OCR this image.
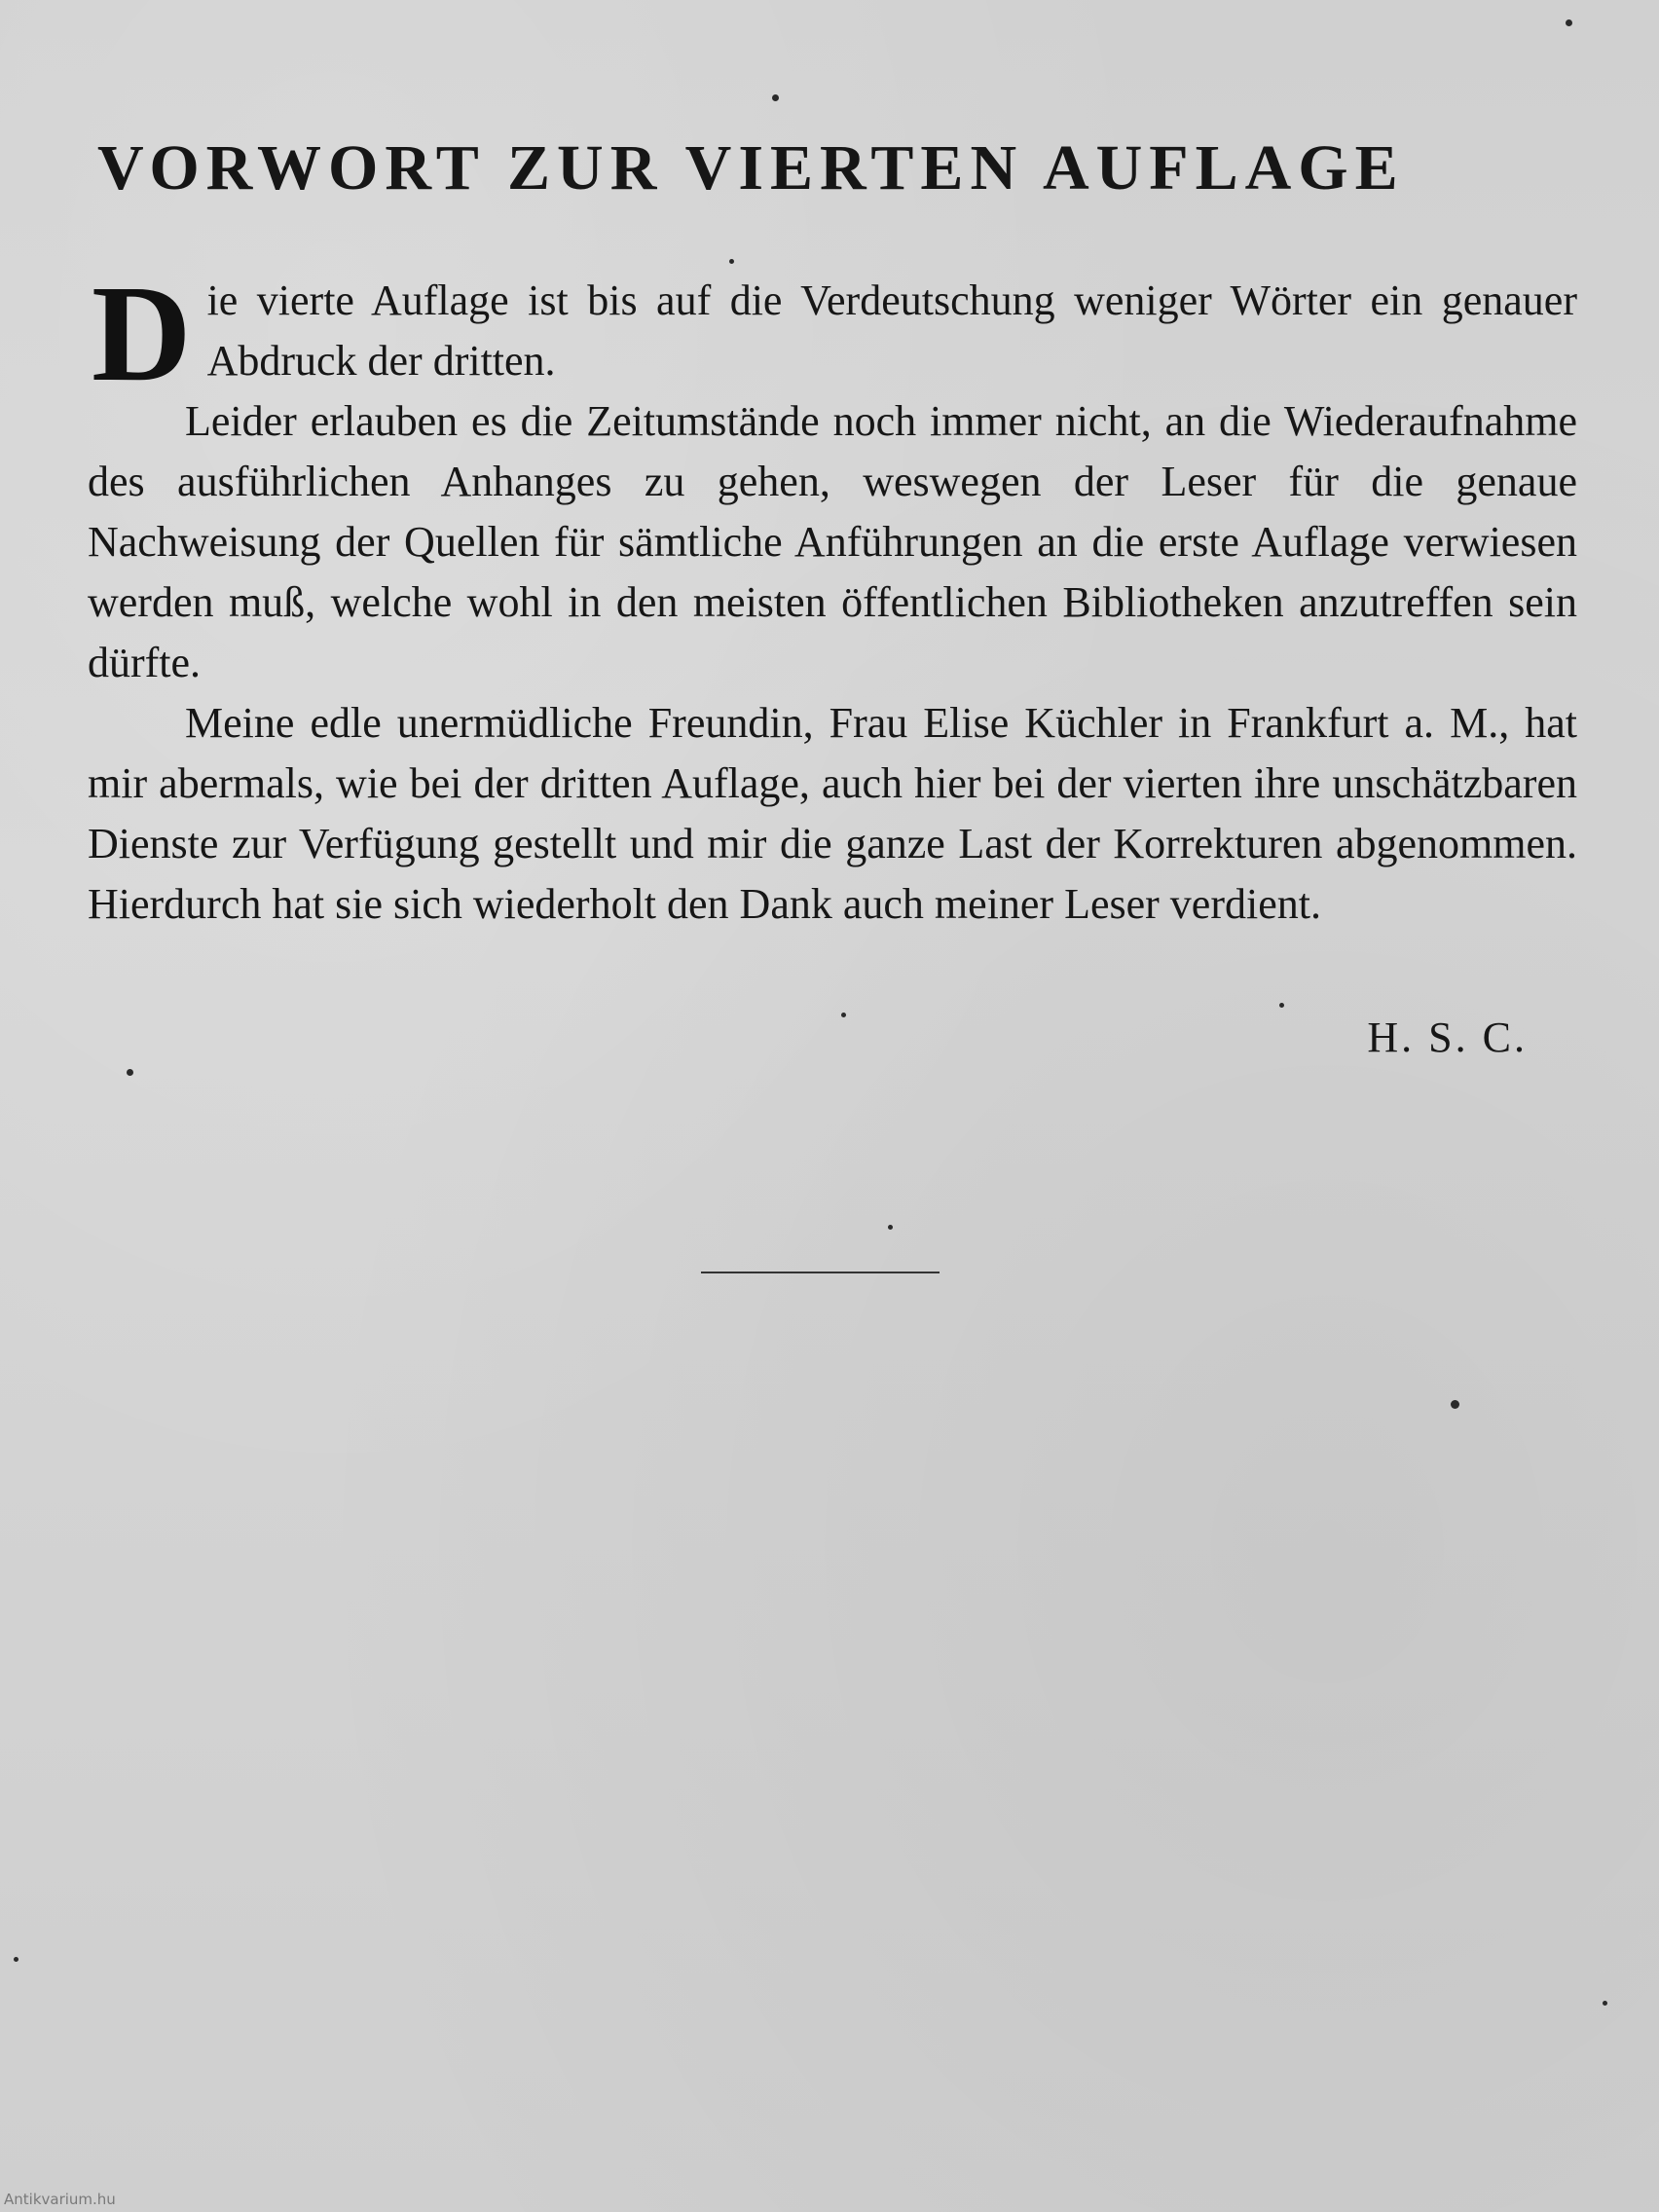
VORWORT ZUR VIERTEN AUFLAGE

Die vierte Auflage ist bis auf die Verdeutschung weniger Wörter ein genauer Abdruck der dritten.

Leider erlauben es die Zeitumstände noch immer nicht, an die Wiederaufnahme des ausführlichen Anhanges zu gehen, weswegen der Leser für die genaue Nachweisung der Quellen für sämtliche Anführungen an die erste Auflage verwiesen werden muß, welche wohl in den meisten öffentlichen Bibliotheken anzutreffen sein dürfte.

Meine edle unermüdliche Freundin, Frau Elise Küchler in Frankfurt a. M., hat mir abermals, wie bei der dritten Auflage, auch hier bei der vierten ihre unschätzbaren Dienste zur Verfügung gestellt und mir die ganze Last der Korrekturen abgenommen. Hierdurch hat sie sich wiederholt den Dank auch meiner Leser verdient.

H. S. C.
Antikvarium.hu
